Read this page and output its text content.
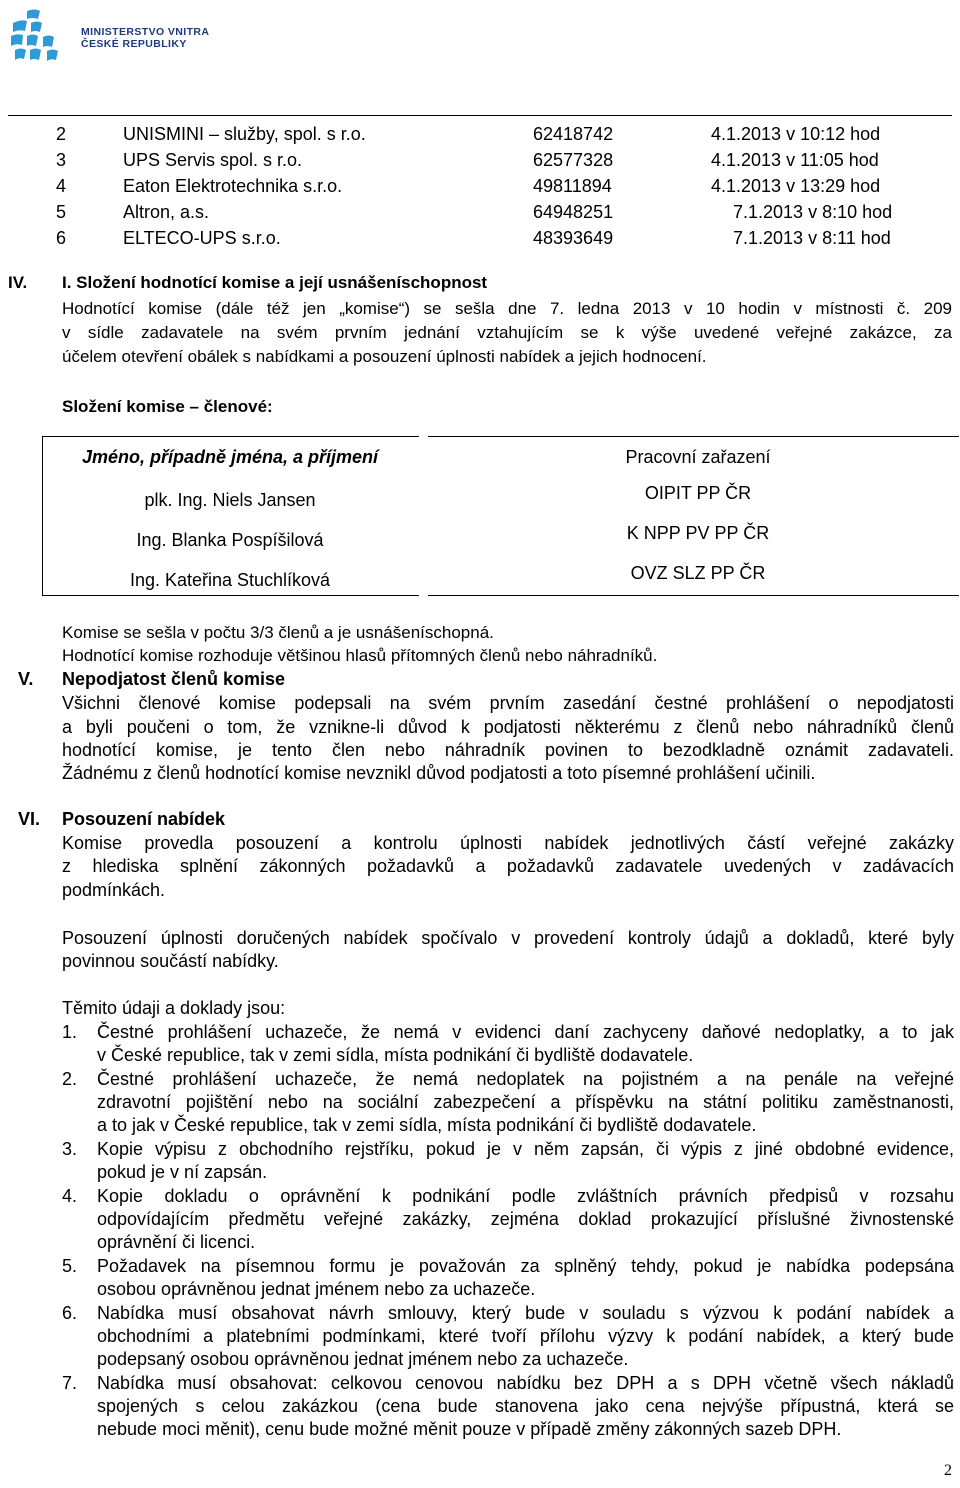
MINISTERSTVO VNITRA
ČESKÉ REPUBLIKY
2	UNISMINI – služby, spol. s r.o.	62418742	4.1.2013 v 10:12 hod
3	UPS Servis spol. s r.o.	62577328	4.1.2013 v 11:05 hod
4	Eaton Elektrotechnika s.r.o.	49811894	4.1.2013 v 13:29 hod
5	Altron, a.s.	64948251	7.1.2013 v 8:10 hod
6	ELTECO-UPS s.r.o.	48393649	7.1.2013 v 8:11 hod
IV. I. Složení hodnotící komise a její usnášeníschopnost
Hodnotící komise (dále též jen „komise“) se sešla dne 7. ledna 2013 v 10 hodin v místnosti č. 209
v sídle zadavatele na svém prvním jednání vztahujícím se k výše uvedené veřejné zakázce, za
účelem otevření obálek s nabídkami a posouzení úplnosti nabídek a jejich hodnocení.
Složení komise – členové:
Jméno, případně jména, a příjmení	Pracovní zařazení
plk. Ing. Niels Jansen	OIPIT PP ČR
Ing. Blanka Pospíšilová	K NPP PV PP ČR
Ing. Kateřina Stuchlíková	OVZ SLZ PP ČR
Komise se sešla v počtu 3/3 členů a je usnášeníschopná.
Hodnotící komise rozhoduje většinou hlasů přítomných členů nebo náhradníků.
V. Nepodjatost členů komise
Všichni členové komise podepsali na svém prvním zasedání čestné prohlášení o nepodjatosti
a byli poučeni o tom, že vznikne-li důvod k podjatosti některému z členů nebo náhradníků členů
hodnotící komise, je tento člen nebo náhradník povinen to bezodkladně oznámit zadavateli.
Žádnému z členů hodnotící komise nevznikl důvod podjatosti a toto písemné prohlášení učinili.
VI. Posouzení nabídek
Komise provedla posouzení a kontrolu úplnosti nabídek jednotlivých částí veřejné zakázky
z hlediska splnění zákonných požadavků a požadavků zadavatele uvedených v zadávacích
podmínkách.
Posouzení úplnosti doručených nabídek spočívalo v provedení kontroly údajů a dokladů, které byly
povinnou součástí nabídky.
Těmito údaji a doklady jsou:
1. Čestné prohlášení uchazeče, že nemá v evidenci daní zachyceny daňové nedoplatky, a to jak
v České republice, tak v zemi sídla, místa podnikání či bydliště dodavatele.
2. Čestné prohlášení uchazeče, že nemá nedoplatek na pojistném a na penále na veřejné
zdravotní pojištění nebo na sociální zabezpečení a příspěvku na státní politiku zaměstnanosti,
a to jak v České republice, tak v zemi sídla, místa podnikání či bydliště dodavatele.
3. Kopie výpisu z obchodního rejstříku, pokud je v něm zapsán, či výpis z jiné obdobné evidence,
pokud je v ní zapsán.
4. Kopie dokladu o oprávnění k podnikání podle zvláštních právních předpisů v rozsahu
odpovídajícím předmětu veřejné zakázky, zejména doklad prokazující příslušné živnostenské
oprávnění či licenci.
5. Požadavek na písemnou formu je považován za splněný tehdy, pokud je nabídka podepsána
osobou oprávněnou jednat jménem nebo za uchazeče.
6. Nabídka musí obsahovat návrh smlouvy, který bude v souladu s výzvou k podání nabídek a
obchodními a platebními podmínkami, které tvoří přílohu výzvy k podání nabídek, a který bude
podepsaný osobou oprávněnou jednat jménem nebo za uchazeče.
7. Nabídka musí obsahovat: celkovou cenovou nabídku bez DPH a s DPH včetně všech nákladů
spojených s celou zakázkou (cena bude stanovena jako cena nejvýše přípustná, která se
nebude moci měnit), cenu bude možné měnit pouze v případě změny zákonných sazeb DPH.
2
